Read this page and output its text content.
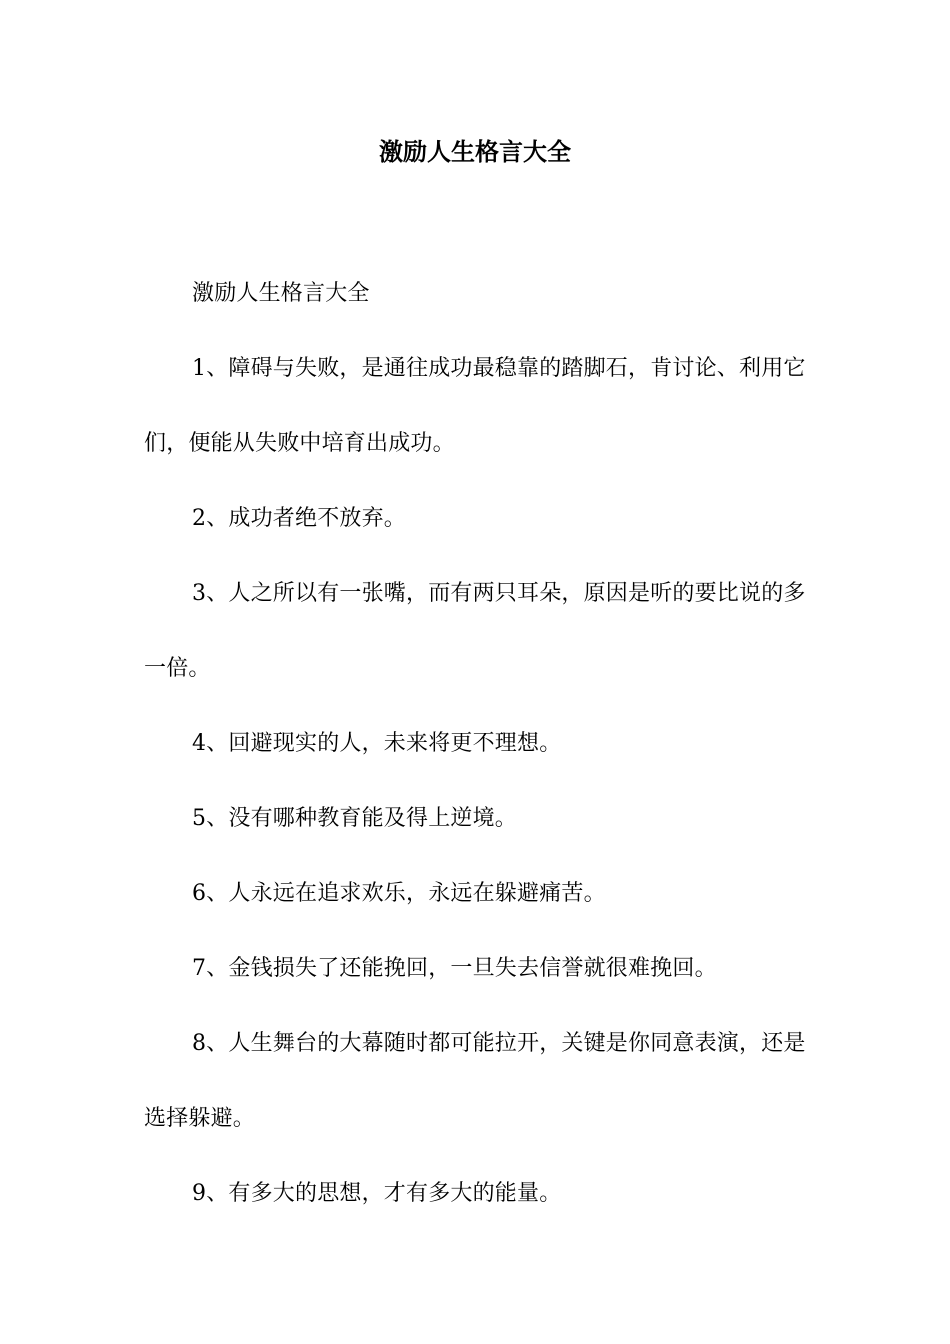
激励人生格言大全

激励人生格言大全

1、障碍与失败，是通往成功最稳靠的踏脚石，肯讨论、利用它们，便能从失败中培育出成功。

2、成功者绝不放弃。

3、人之所以有一张嘴，而有两只耳朵，原因是听的要比说的多一倍。

4、回避现实的人，未来将更不理想。

5、没有哪种教育能及得上逆境。

6、人永远在追求欢乐，永远在躲避痛苦。

7、金钱损失了还能挽回，一旦失去信誉就很难挽回。

8、人生舞台的大幕随时都可能拉开，关键是你同意表演，还是选择躲避。

9、有多大的思想，才有多大的能量。
